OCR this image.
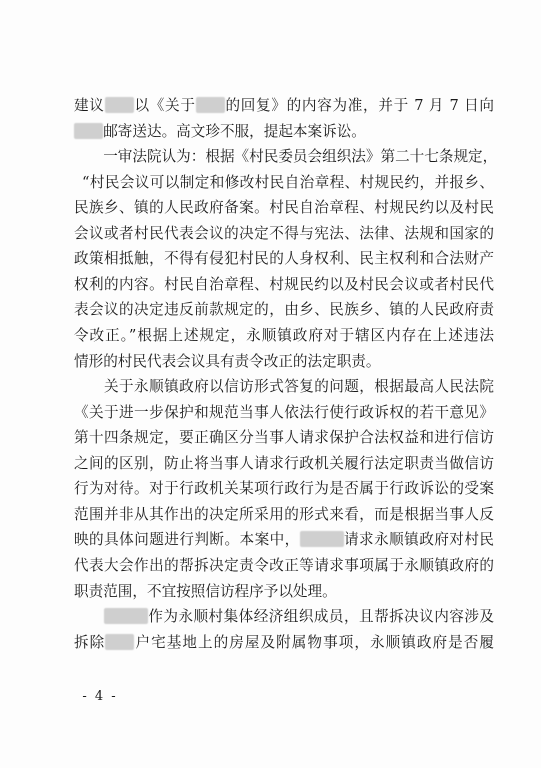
建议 以《关于 的回复》的内容为准，并于 7 月 7 日向
邮寄送达。高文珍不服，提起本案诉讼。
　　一审法院认为：根据《村民委员会组织法》第二十七条规定，
“村民会议可以制定和修改村民自治章程、村规民约，并报乡、
民族乡、镇的人民政府备案。村民自治章程、村规民约以及村民
会议或者村民代表会议的决定不得与宪法、法律、法规和国家的
政策相抵触，不得有侵犯村民的人身权利、民主权利和合法财产
权利的内容。村民自治章程、村规民约以及村民会议或者村民代
表会议的决定违反前款规定的，由乡、民族乡、镇的人民政府责
令改正。”根据上述规定，永顺镇政府对于辖区内存在上述违法
情形的村民代表会议具有责令改正的法定职责。
　　关于永顺镇政府以信访形式答复的问题，根据最高人民法院
《关于进一步保护和规范当事人依法行使行政诉权的若干意见》
第十四条规定，要正确区分当事人请求保护合法权益和进行信访
之间的区别，防止将当事人请求行政机关履行法定职责当做信访
行为对待。对于行政机关某项行政行为是否属于行政诉讼的受案
范围并非从其作出的决定所采用的形式来看，而是根据当事人反
映的具体问题进行判断。本案中，	请求永顺镇政府对村民
代表大会作出的帮拆决定责令改正等请求事项属于永顺镇政府的
职责范围，不宜按照信访程序予以处理。
　　作为永顺村集体经济组织成员，且帮拆决议内容涉及
拆除 户宅基地上的房屋及附属物事项，永顺镇政府是否履
- 4 -
